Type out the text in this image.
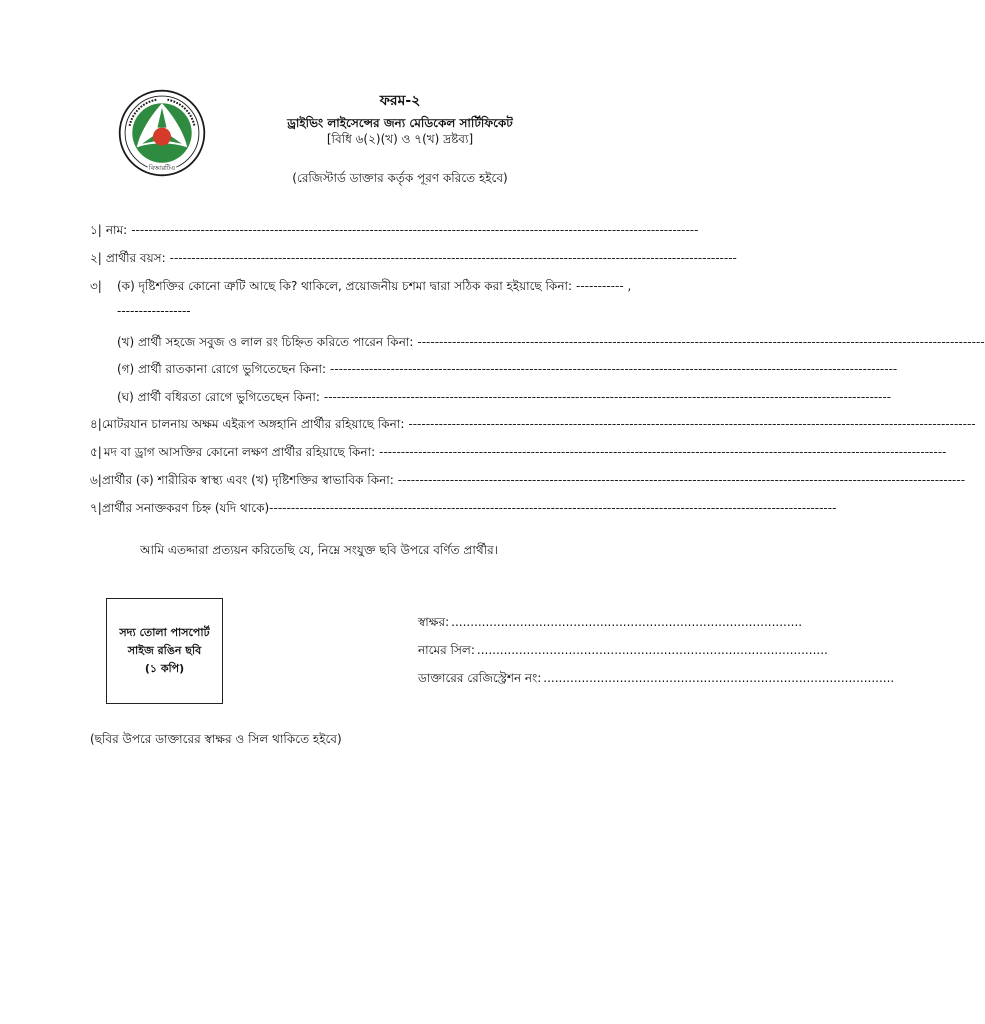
বিআরটিএ
ফরম-২
ড্রাইভিং লাইসেন্সের জন্য মেডিকেল সার্টিফিকেট
[বিধি ৬(২)(খ) ও ৭(খ) দ্রষ্টব্য]
(রেজিস্টার্ড ডাক্তার কর্তৃক পূরণ করিতে হইবে)
১| নাম: -----------------------------------------------------------------------------------------------------------------------------------
২| প্রার্থীর বয়স: -----------------------------------------------------------------------------------------------------------------------------------
৩|	(ক) দৃষ্টিশক্তির কোনো ত্রুটি আছে কি? থাকিলে, প্রয়োজনীয় চশমা দ্বারা সঠিক করা হইয়াছে কিনা: ----------- ,
-----------------
(খ) প্রার্থী সহজে সবুজ ও লাল রং চিহ্নিত করিতে পারেন কিনা: -----------------------------------------------------------------------------------------------------------------------------------
(গ) প্রার্থী রাতকানা রোগে ভুগিতেছেন কিনা: -----------------------------------------------------------------------------------------------------------------------------------
(ঘ) প্রার্থী বধিরতা রোগে ভুগিতেছেন কিনা: -----------------------------------------------------------------------------------------------------------------------------------
৪| মোটরযান চালনায় অক্ষম এইরূপ অঙ্গহানি প্রার্থীর রহিয়াছে কিনা: -----------------------------------------------------------------------------------------------------------------------------------
৫| মদ বা ড্রাগ আসক্তির কোনো লক্ষণ প্রার্থীর রহিয়াছে কিনা: -----------------------------------------------------------------------------------------------------------------------------------
৬| প্রার্থীর (ক) শারীরিক স্বাস্থ্য এবং (খ) দৃষ্টিশক্তির স্বাভাবিক কিনা: -----------------------------------------------------------------------------------------------------------------------------------
৭| প্রার্থীর সনাক্তকরণ চিহ্ন (যদি থাকে) -----------------------------------------------------------------------------------------------------------------------------------
আমি এতদ্দারা প্রত্যয়ন করিতেছি যে, নিম্নে সংযুক্ত ছবি উপরে বর্ণিত প্রার্থীর।
সদ্য তোলা পাসপোর্ট
সাইজ রঙিন ছবি
(১ কপি)
স্বাক্ষর: ............................................................................................
নামের সিল: ............................................................................................
ডাক্তারের রেজিস্ট্রেশন নং: ............................................................................................
(ছবির উপরে ডাক্তারের স্বাক্ষর ও সিল থাকিতে হইবে)
